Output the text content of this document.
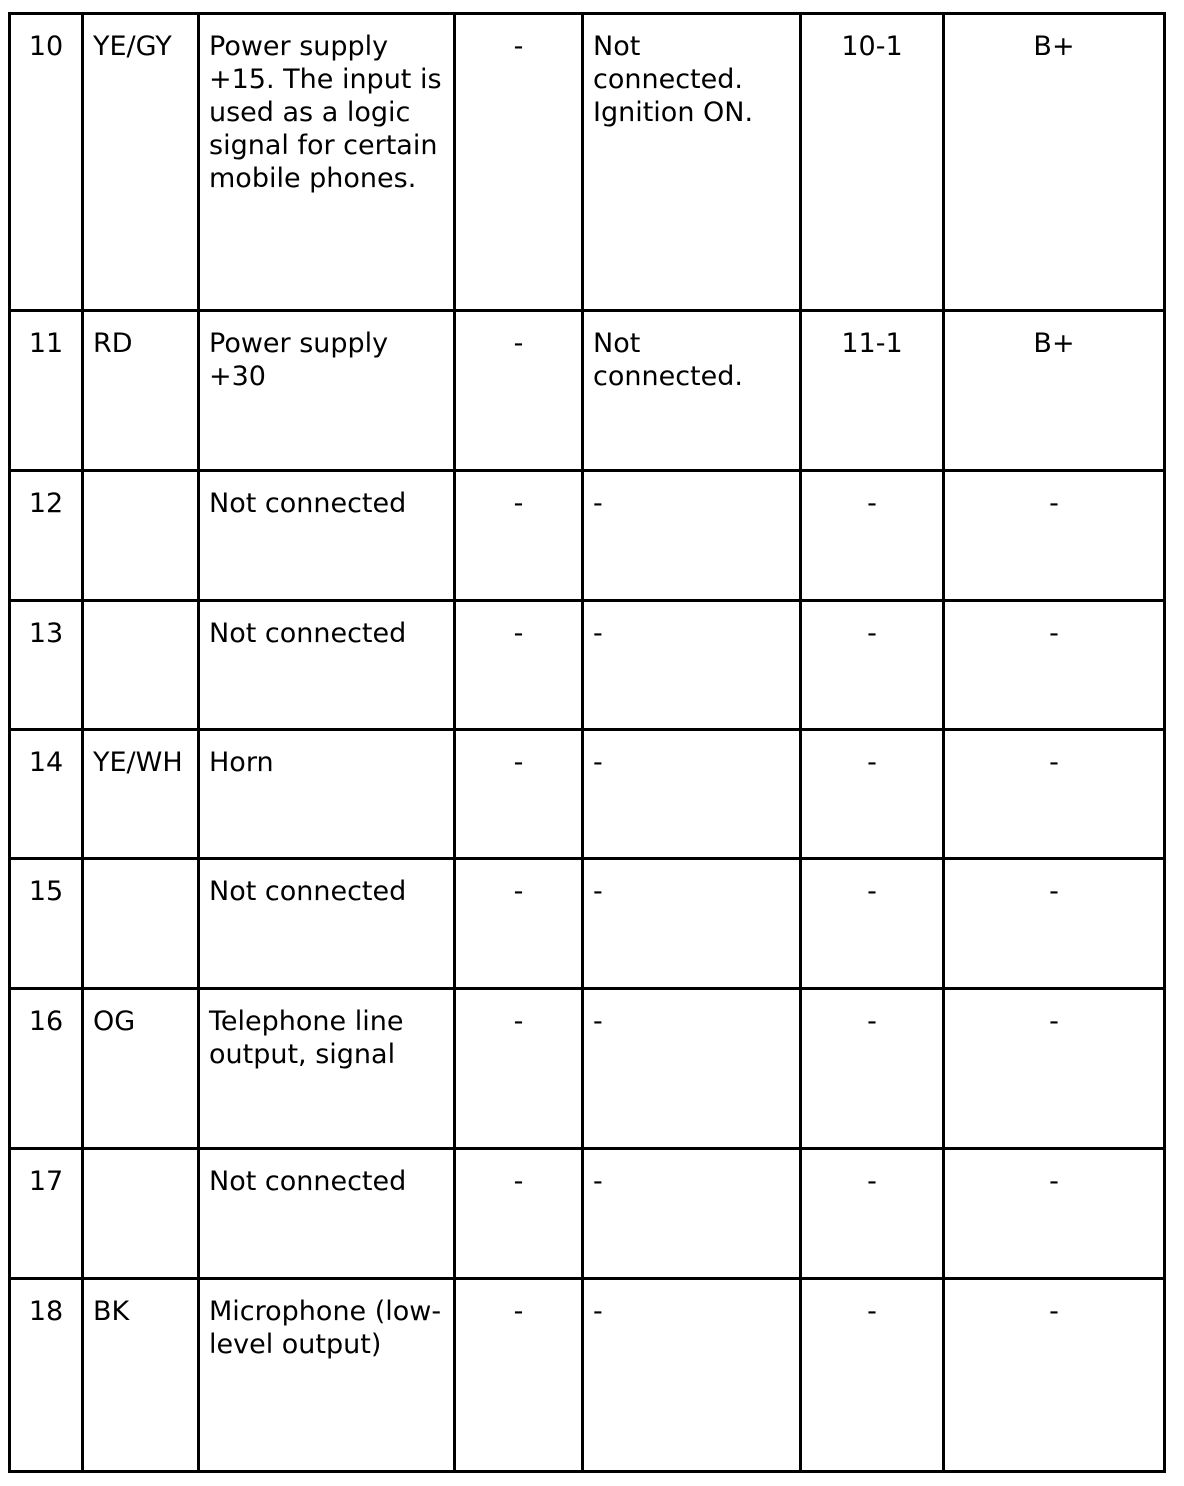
10	YE/GY	Power supply +15. The input is used as a logic signal for certain mobile phones.	-	Not connected. Ignition ON.	10-1	B+
11	RD	Power supply +30	-	Not connected.	11-1	B+
12		Not connected	-	-	-	-
13		Not connected	-	-	-	-
14	YE/WH	Horn	-	-	-	-
15		Not connected	-	-	-	-
16	OG	Telephone line output, signal	-	-	-	-
17		Not connected	-	-	-	-
18	BK	Microphone (low-level output)	-	-	-	-
